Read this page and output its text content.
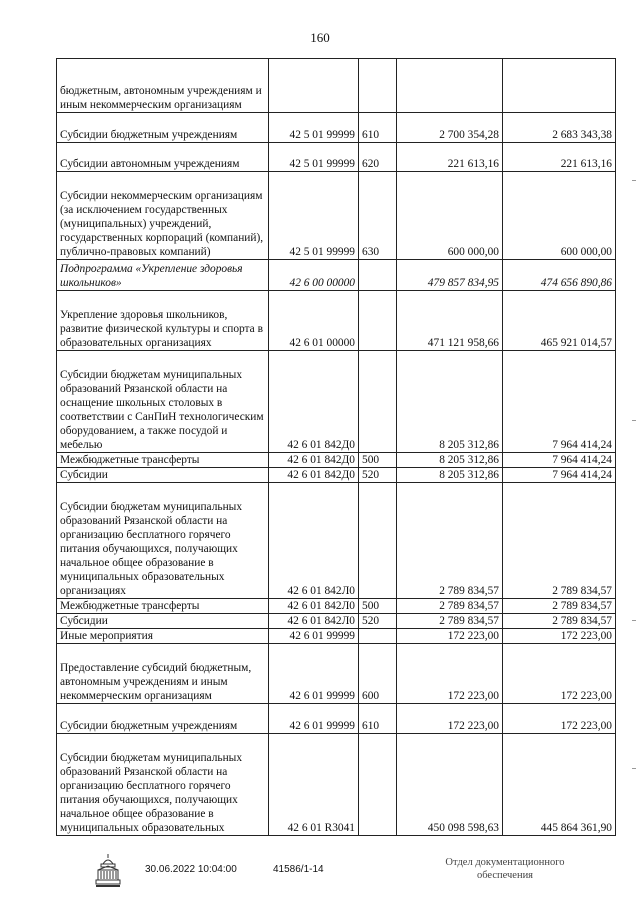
160
бюджетным, автономным учреждениям и иным некоммерческим организациям				
Субсидии бюджетным учреждениям	42 5 01 99999	610	2 700 354,28	2 683 343,38
Субсидии автономным учреждениям	42 5 01 99999	620	221 613,16	221 613,16
Субсидии некоммерческим организациям (за исключением государственных (муниципальных) учреждений, государственных корпораций (компаний), публично-правовых компаний)	42 5 01 99999	630	600 000,00	600 000,00
Подпрограмма «Укрепление здоровья школьников»	42 6 00 00000		479 857 834,95	474 656 890,86
Укрепление здоровья школьников, развитие физической культуры и спорта в образовательных организациях	42 6 01 00000		471 121 958,66	465 921 014,57
Субсидии бюджетам муниципальных образований Рязанской области на оснащение школьных столовых в соответствии с СанПиН технологическим оборудованием, а также посудой и мебелью	42 6 01 842Д0		8 205 312,86	7 964 414,24
Межбюджетные трансферты	42 6 01 842Д0	500	8 205 312,86	7 964 414,24
Субсидии	42 6 01 842Д0	520	8 205 312,86	7 964 414,24
Субсидии бюджетам муниципальных образований Рязанской области на организацию бесплатного горячего питания обучающихся, получающих начальное общее образование в муниципальных образовательных организациях	42 6 01 842Л0		2 789 834,57	2 789 834,57
Межбюджетные трансферты	42 6 01 842Л0	500	2 789 834,57	2 789 834,57
Субсидии	42 6 01 842Л0	520	2 789 834,57	2 789 834,57
Иные мероприятия	42 6 01 99999		172 223,00	172 223,00
Предоставление субсидий бюджетным, автономным учреждениям и иным некоммерческим организациям	42 6 01 99999	600	172 223,00	172 223,00
Субсидии бюджетным учреждениям	42 6 01 99999	610	172 223,00	172 223,00
Субсидии бюджетам муниципальных образований Рязанской области на организацию бесплатного горячего питания обучающихся, получающих начальное общее образование в муниципальных образовательных	42 6 01 R3041		450 098 598,63	445 864 361,90
30.06.2022 10:04:00	41586/1-14
Отдел документационного
обеспечения
